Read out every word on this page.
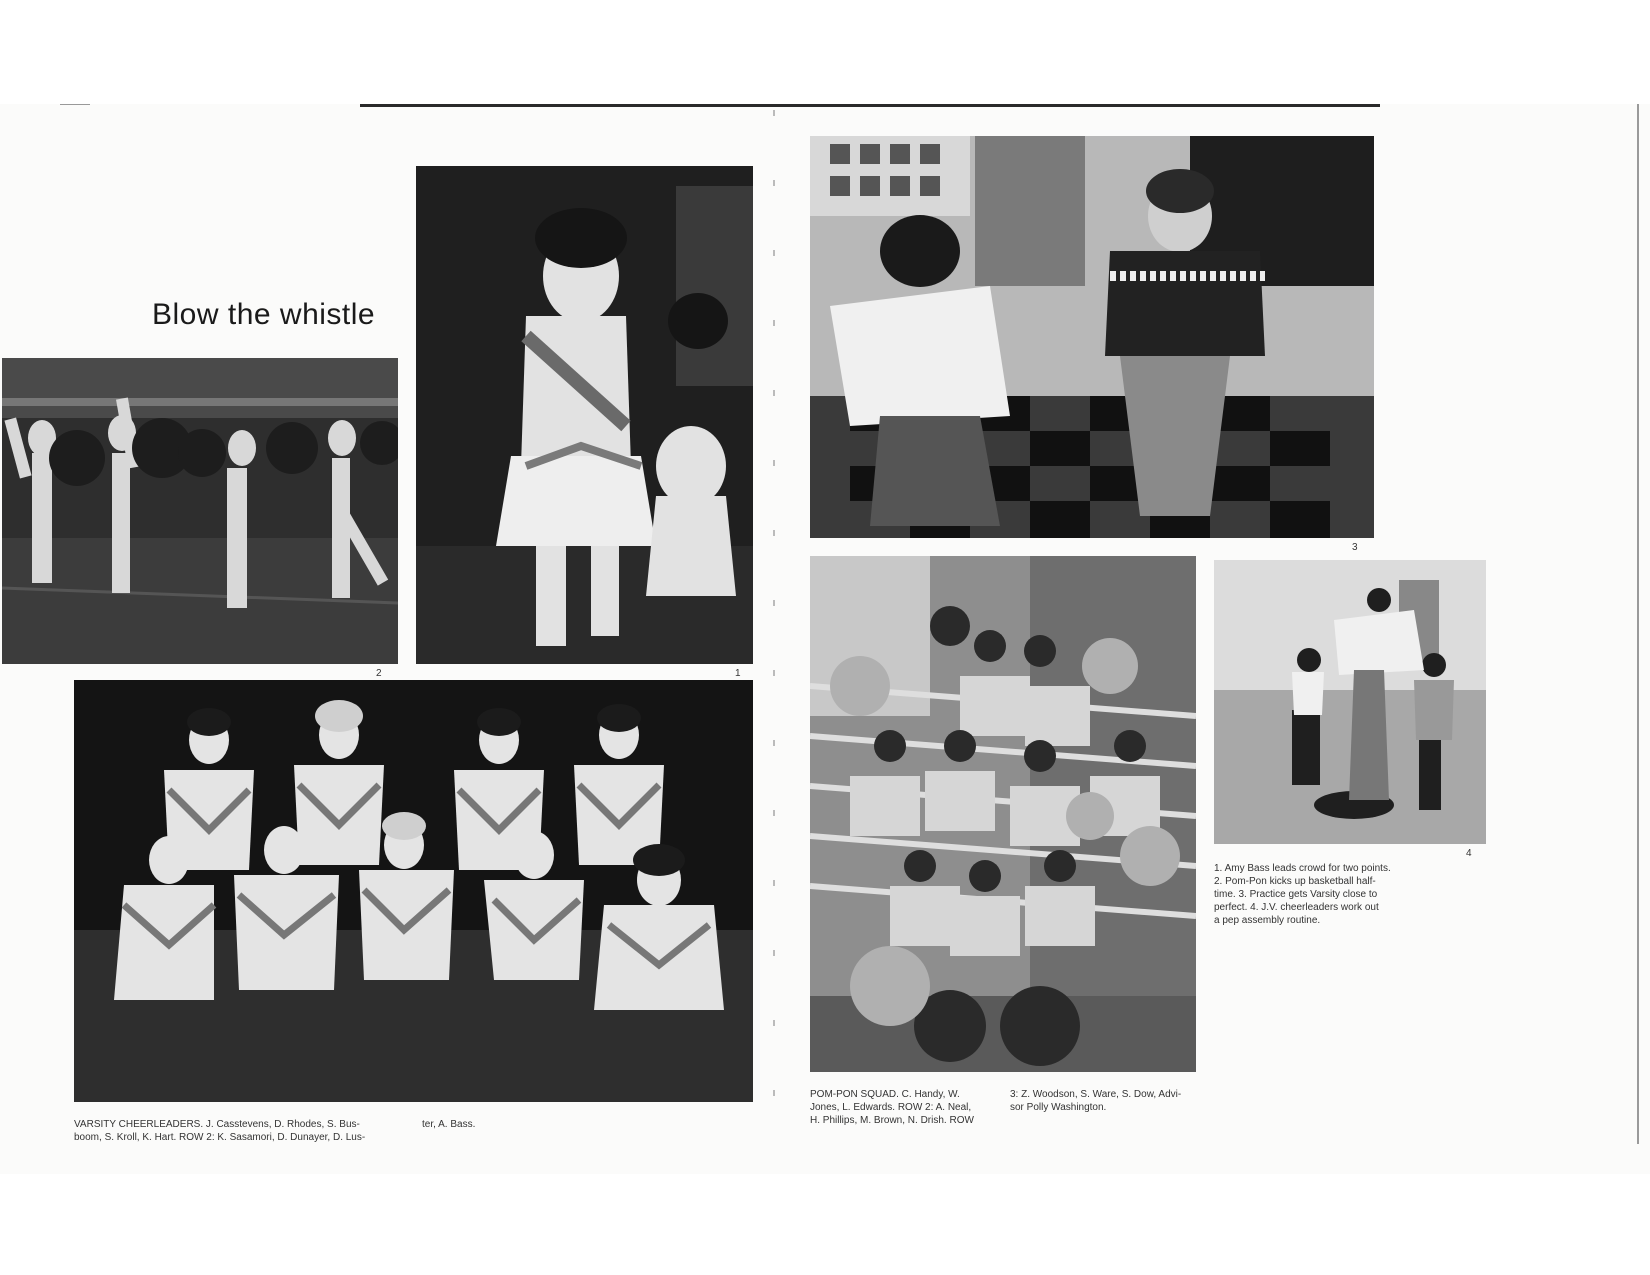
Blow the whistle
2	1
VARSITY CHEERLEADERS. J. Casstevens, D. Rhodes, S. Bus-
boom, S. Kroll, K. Hart. ROW 2: K. Sasamori, D. Dunayer, D. Lus-
ter, A. Bass.
3
POM-PON SQUAD. C. Handy, W.
Jones, L. Edwards. ROW 2: A. Neal,
H. Phillips, M. Brown, N. Drish. ROW
3: Z. Woodson, S. Ware, S. Dow, Advi-
sor Polly Washington.
4
1. Amy Bass leads crowd for two points.
2. Pom-Pon kicks up basketball half-
time. 3. Practice gets Varsity close to
perfect. 4. J.V. cheerleaders work out
a pep assembly routine.
